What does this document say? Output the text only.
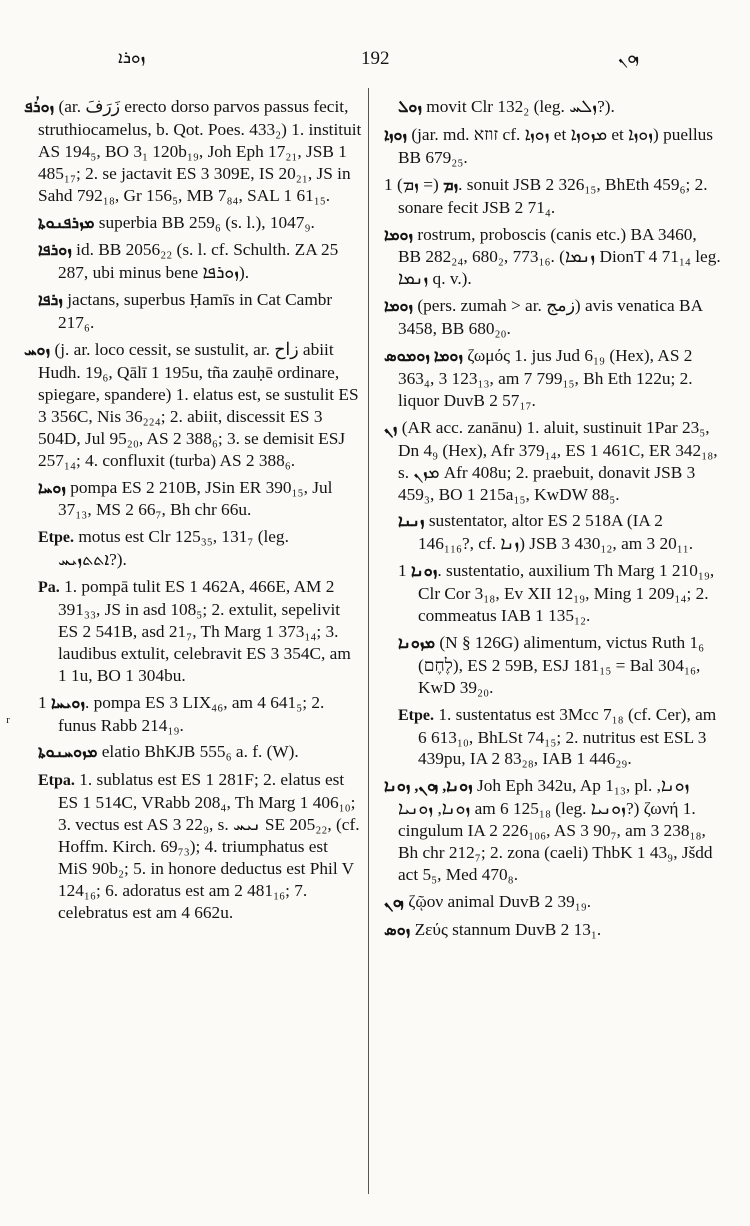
ܙܘܪܐ	192	ܙܘܢ
ʳ

ܙܘܪܳܦ (ar. زَرَفَ erecto dorso parvos passus fecit, struthiocamelus, b. Qot. Poes. 433₂) 1. instituit AS 194₅, BO 3₁ 120b₁₉, Joh Eph 17₂₁, JSB 1 485₁₇; 2. se jactavit ES 3 309E, IS 20₂₁, JS in Sahd 792₁₈, Gr 156₅, MB 7₈₄, SAL 1 61₁₅.

ܡܙܪܦܢܘܬܐ superbia BB 259₆ (s. l.), 1047₉.

ܙܘܪܦܐ id. BB 2056₂₂ (s. l. cf. Schulth. ZA 25 287, ubi minus bene ܙܘܪܦܐ).

ܙܪܦܐ jactans, superbus Ḥamīs in Cat Cambr 217₆.

ܙܘܚ (j. ar. loco cessit, se sustulit, ar. زاح abiit Hudh. 19₆, Qālī 1 195u, tña zauḥē ordinare, spiegare, spandere) 1. elatus est, se sustulit ES 3 356C, Nis 36₂₂₄; 2. abiit, discessit ES 3 504D, Jul 95₂₀, AS 2 388₆; 3. se demisit ESJ 257₁₄; 4. confluxit (turba) AS 2 388₆.

ܙܘܚܐ pompa ES 2 210B, JSin ER 390₁₅, Jul 37₁₃, MS 2 66₇, Bh chr 66u.

Etpe. motus est Clr 125₃₅, 131₇ (leg. ܐܬܬܙܝܚ?).

Pa. 1. pompā tulit ES 1 462A, 466E, AM 2 391₃₃, JS in asd 108₅; 2. extulit, sepelivit ES 2 541B, asd 21₇, Th Marg 1 373₁₄; 3. laudibus extulit, celebravit ES 3 354C, am 1 1u, BO 1 304bu.

ܙܘܝܚܐ 1. pompa ES 3 LIX₄₆, am 4 641₅; 2. funus Rabb 214₁₉.

ܡܙܘܚܢܘܬܐ elatio BhKJB 555₆ a. f. (W).

Etpa. 1. sublatus est ES 1 281F; 2. elatus est ES 1 514C, VRabb 208₄, Th Marg 1 406₁₀; 3. vectus est AS 3 22₉, s. ܢܝܚ SE 205₂₂, (cf. Hoffm. Kirch. 69₇₃); 4. triumphatus est MiS 90b₂; 5. in honore deductus est Phil V 124₁₆; 6. adoratus est am 2 481₁₆; 7. celebratus est am 4 662u.

ܙܘܠ movit Clr 132₂ (leg. ܙܠܚ?).

ܙܘܙܐ (jar. md. זוזא cf. ܙܘܙܐ et ܡܙܘܙܐ et ܙܘܙܐ) puellus BB 679₂₅.

ܙܡ (= ܙܡ) 1. sonuit JSB 2 326₁₅, BhEth 459₆; 2. sonare fecit JSB 2 71₄.

ܙܘܡܐ rostrum, proboscis (canis etc.) BA 3460, BB 282₂₄, 680₂, 773₁₆. (ܙܢܡܐ DionT 4 71₁₄ leg. ܙܢܡܐ q. v.).

ܙܘܡܐ (pers. zumah > ar. زمج) avis venatica BA 3458, BB 680₂₀.

ܙܘܡܐ ܙܘܡܘܣ ζωμός 1. jus Jud 6₁₉ (Hex), AS 2 363₄, 3 123₁₃, am 7 799₁₅, Bh Eth 122u; 2. liquor DuvB 2 57₁₇.

ܙܢ (AR acc. zanānu) 1. aluit, sustinuit 1Par 23₅, Dn 4₉ (Hex), Afr 379₁₄, ES 1 461C, ER 342₁₈, s. ܡܙܢ Afr 408u; 2. praebuit, donavit JSB 3 459₃, BO 1 215a₁₅, KwDW 88₅.

ܙܢܢܐ sustentator, altor ES 2 518A (IA 2 146₁₁₆?, cf. ܙܢܐ) JSB 3 430₁₂, am 3 20₁₁.

ܙܘܢܐ 1. sustentatio, auxilium Th Marg 1 210₁₉, Clr Cor 3₁₈, Ev XII 12₁₉, Ming 1 209₁₄; 2. commeatus IAB 1 135₁₂.

ܡܙܘܢܐ (N § 126G) alimentum, victus Ruth 1₆ (לֶחֶם), ES 2 59B, ESJ 181₁₅ = Bal 304₁₆, KwD 39₂₀.

Etpe. 1. sustentatus est 3Mcc 7₁₈ (cf. Cer), am 6 613₁₀, BhLSt 74₁₅; 2. nutritus est ESL 3 439pu, IA 2 83₂₈, IAB 1 446₂₉.

ܙܘܢܐ, ܙܘܢ, ܙܘܢܐ Joh Eph 342u, Ap 1₁₃, pl. ܙܘܢܐ, ܙܘܢܐ, ܙܘܢܝܐ am 6 125₁₈ (leg. ܙܘܢܝܐ?) ζωνή 1. cingulum IA 2 226₁₀₆, AS 3 90₇, am 3 238₁₈, Bh chr 212₇; 2. zona (caeli) ThbK 1 43₉, Jšdd act 5₅, Med 470₈.

ܙܘܢ ζῷον animal DuvB 2 39₁₉.

ܙܘܣ Ζεύς stannum DuvB 2 13₁.
